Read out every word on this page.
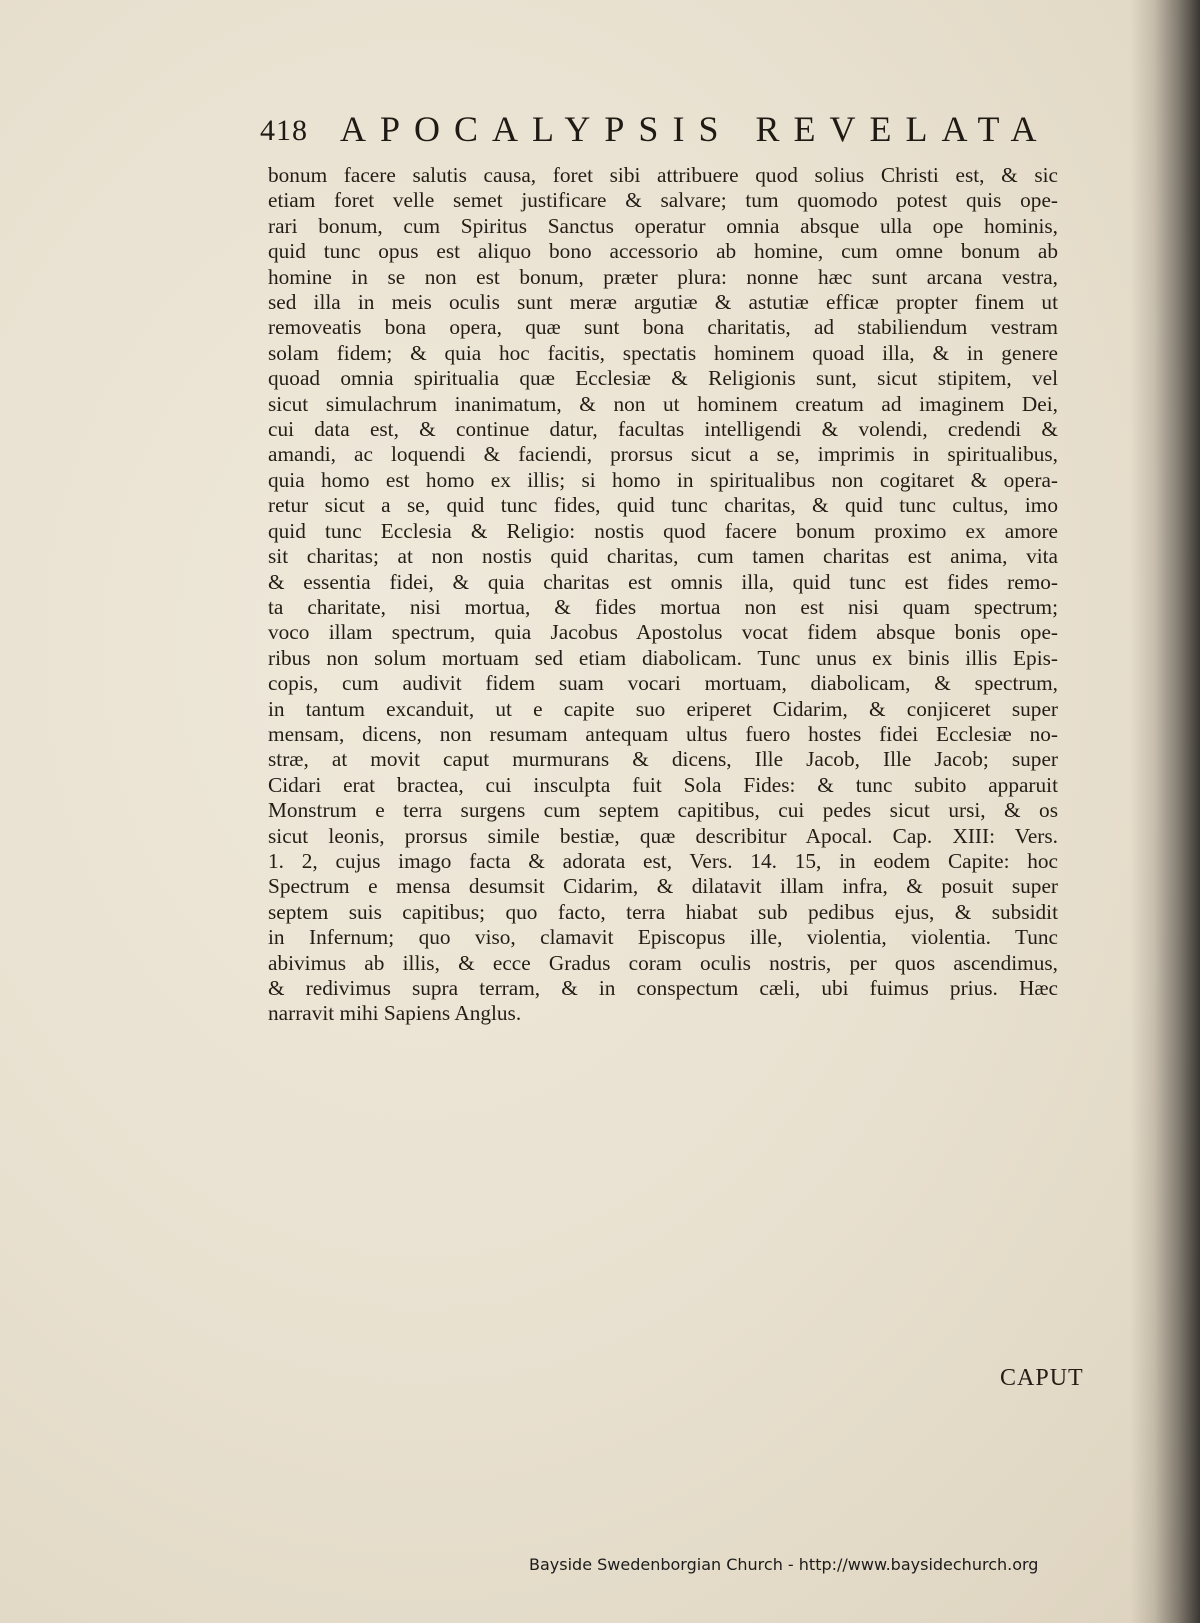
418 APOCALYPSIS REVELATA
bonum facere salutis causa, foret sibi attribuere quod solius Christi est, & sic
etiam foret velle semet justificare & salvare; tum quomodo potest quis ope-
rari bonum, cum Spiritus Sanctus operatur omnia absque ulla ope hominis,
quid tunc opus est aliquo bono accessorio ab homine, cum omne bonum ab
homine in se non est bonum, præter plura: nonne hæc sunt arcana vestra,
sed illa in meis oculis sunt meræ argutiæ & astutiæ efficæ propter finem ut
removeatis bona opera, quæ sunt bona charitatis, ad stabiliendum vestram
solam fidem; & quia hoc facitis, spectatis hominem quoad illa, & in genere
quoad omnia spiritualia quæ Ecclesiæ & Religionis sunt, sicut stipitem, vel
sicut simulachrum inanimatum, & non ut hominem creatum ad imaginem Dei,
cui data est, & continue datur, facultas intelligendi & volendi, credendi &
amandi, ac loquendi & faciendi, prorsus sicut a se, imprimis in spiritualibus,
quia homo est homo ex illis; si homo in spiritualibus non cogitaret & opera-
retur sicut a se, quid tunc fides, quid tunc charitas, & quid tunc cultus, imo
quid tunc Ecclesia & Religio: nostis quod facere bonum proximo ex amore
sit charitas; at non nostis quid charitas, cum tamen charitas est anima, vita
& essentia fidei, & quia charitas est omnis illa, quid tunc est fides remo-
ta charitate, nisi mortua, & fides mortua non est nisi quam spectrum;
voco illam spectrum, quia Jacobus Apostolus vocat fidem absque bonis ope-
ribus non solum mortuam sed etiam diabolicam. Tunc unus ex binis illis Epis-
copis, cum audivit fidem suam vocari mortuam, diabolicam, & spectrum,
in tantum excanduit, ut e capite suo eriperet Cidarim, & conjiceret super
mensam, dicens, non resumam antequam ultus fuero hostes fidei Ecclesiæ no-
stræ, at movit caput murmurans & dicens, Ille Jacob, Ille Jacob; super
Cidari erat bractea, cui insculpta fuit Sola Fides: & tunc subito apparuit
Monstrum e terra surgens cum septem capitibus, cui pedes sicut ursi, & os
sicut leonis, prorsus simile bestiæ, quæ describitur Apocal. Cap. XIII: Vers.
1. 2, cujus imago facta & adorata est, Vers. 14. 15, in eodem Capite: hoc
Spectrum e mensa desumsit Cidarim, & dilatavit illam infra, & posuit super
septem suis capitibus; quo facto, terra hiabat sub pedibus ejus, & subsidit
in Infernum; quo viso, clamavit Episcopus ille, violentia, violentia. Tunc
abivimus ab illis, & ecce Gradus coram oculis nostris, per quos ascendimus,
& redivimus supra terram, & in conspectum cæli, ubi fuimus prius. Hæc
narravit mihi Sapiens Anglus.
CAPUT
Bayside Swedenborgian Church - http://www.baysidechurch.org
